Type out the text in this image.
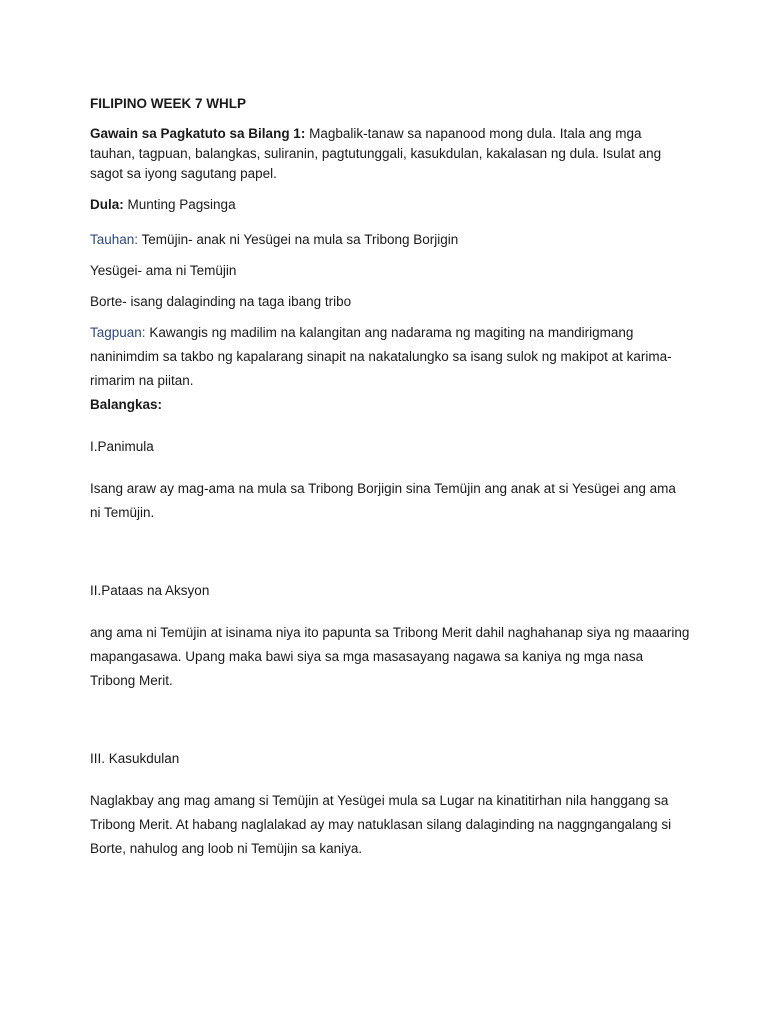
FILIPINO WEEK 7 WHLP

Gawain sa Pagkatuto sa Bilang 1: Magbalik-tanaw sa napanood mong dula. Itala ang mga tauhan, tagpuan, balangkas, suliranin, pagtutunggali, kasukdulan, kakalasan ng dula. Isulat ang sagot sa iyong sagutang papel.

Dula: Munting Pagsinga

Tauhan: Temüjin- anak ni Yesügei na mula sa Tribong Borjigin

Yesügei- ama ni Temüjin

Borte- isang dalaginding na taga ibang tribo

Tagpuan: Kawangis ng madilim na kalangitan ang nadarama ng magiting na mandirigmang naninimdim sa takbo ng kapalarang sinapit na nakatalungko sa isang sulok ng makipot at karima-rimarim na piitan.

Balangkas:

I.Panimula

Isang araw ay mag-ama na mula sa Tribong Borjigin sina Temüjin ang anak at si Yesügei ang ama ni Temüjin.

II.Pataas na Aksyon

ang ama ni Temüjin at isinama niya ito papunta sa Tribong Merit dahil naghahanap siya ng maaaring mapangasawa. Upang maka bawi siya sa mga masasayang nagawa sa kaniya ng mga nasa Tribong Merit.

III. Kasukdulan

Naglakbay ang mag amang si Temüjin at Yesügei mula sa Lugar na kinatitirhan nila hanggang sa Tribong Merit. At habang naglalakad ay may natuklasan silang dalaginding na naggngangalang si Borte, nahulog ang loob ni Temüjin sa kaniya.
